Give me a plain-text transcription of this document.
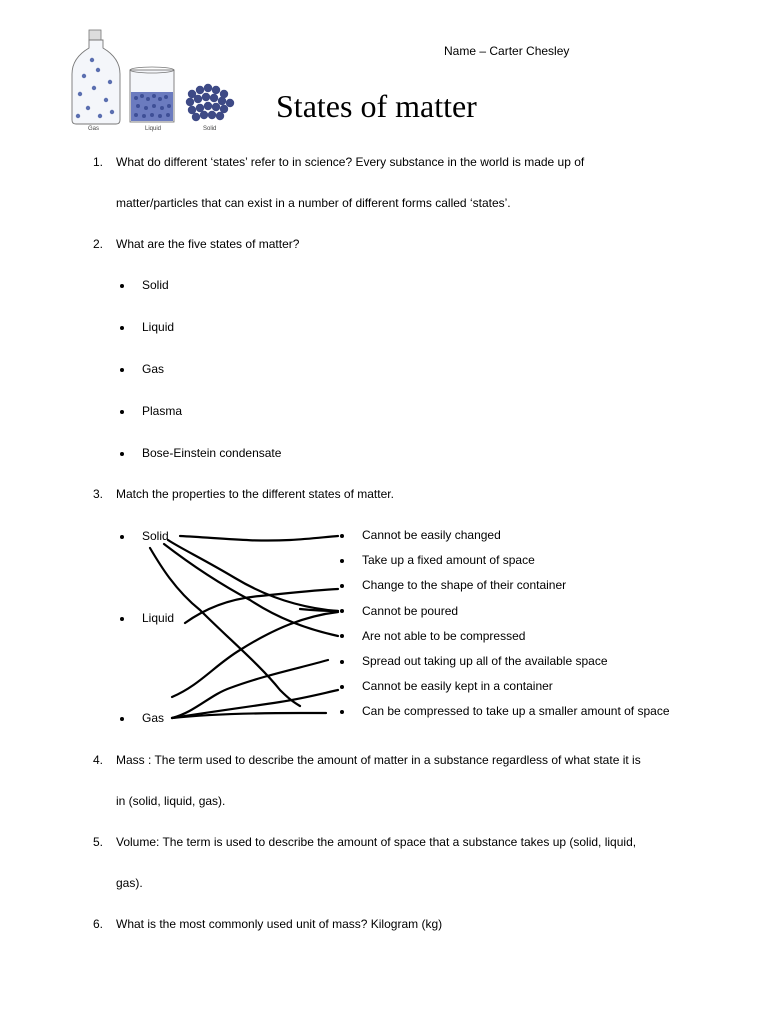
Gas	Liquid	Solid
Name – Carter Chesley
States of matter
1. What do different ‘states’ refer to in science? Every substance in the world is made up of
matter/particles that can exist in a number of different forms called ‘states’.
2. What are the five states of matter?
Solid
Liquid
Gas
Plasma
Bose-Einstein condensate
3. Match the properties to the different states of matter.
Solid
Liquid
Gas
Cannot be easily changed
Take up a fixed amount of space
Change to the shape of their container
Cannot be poured
Are not able to be compressed
Spread out taking up all of the available space
Cannot be easily kept in a container
Can be compressed to take up a smaller amount of space
4. Mass : The term used to describe the amount of matter in a substance regardless of what state it is
in (solid, liquid, gas).
5. Volume: The term is used to describe the amount of space that a substance takes up (solid, liquid,
gas).
6. What is the most commonly used unit of mass? Kilogram (kg)
